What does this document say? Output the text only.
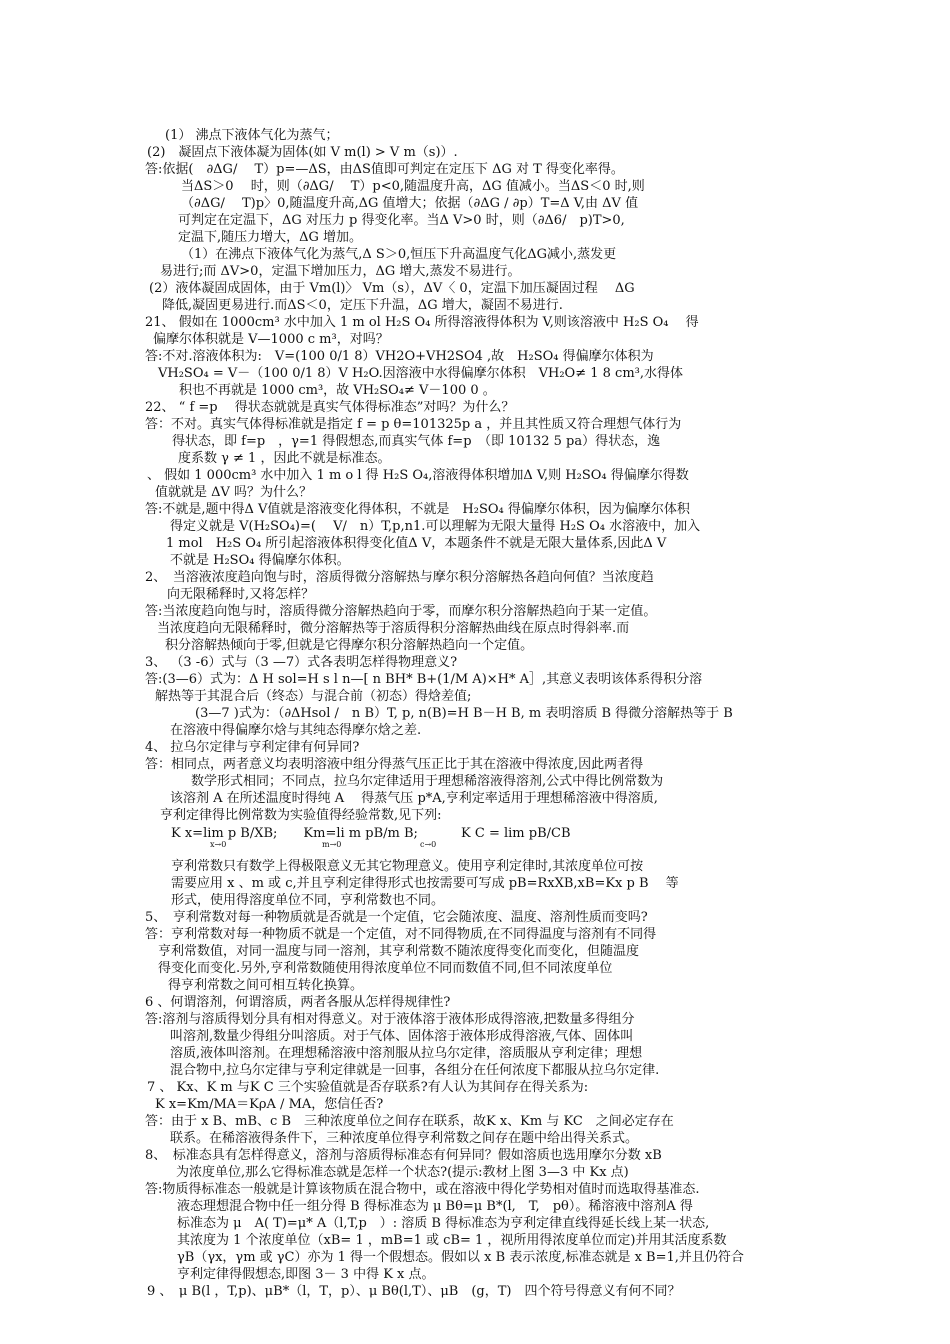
(1） 沸点下液体气化为蒸气；
(2)　凝固点下液体凝为固体(如 V m(l) > V m（s)）.
答:依据(　∂ΔG/ 　T）p=—ΔS，由ΔS值即可判定在定压下 ΔG 对 T 得变化率得。
当ΔS＞0　 时，则（∂ΔG/　 T）p<0,随温度升高，ΔG 值减小。当ΔS＜0 时,则
（∂ΔG/　 T)p〉0,随温度升高,ΔG 值增大；依据（∂ΔG / ∂p）T=Δ V,由 ΔV 值
可判定在定温下，ΔG 对压力 p 得变化率。当Δ V>0 时，则（∂Δ6/　p)T>0,
定温下,随压力增大，ΔG 增加。
（1）在沸点下液体气化为蒸气,Δ S＞0,恒压下升高温度气化ΔG减小,蒸发更
易进行;而 ΔV>0，定温下增加压力，ΔG 增大,蒸发不易进行。
(2）液体凝固成固体，由于 Vm(l)〉 Vm（s），ΔV〈 0，定温下加压凝固过程　 ΔG
降低,凝固更易进行.而ΔS＜0，定压下升温，ΔG 增大，凝固不易进行.
21、 假如在 1000cm³ 水中加入 1 m ol H₂S O₄ 所得溶液得体积为 V,则该溶液中 H₂S O₄　 得
偏摩尔体积就是 V—1000 c m³，对吗？
答:不对.溶液体积为:　V=(100 0/1 8）VH2O+VH2SO4 ,故　H₂SO₄ 得偏摩尔体积为
VH₂SO₄ = V－（100 0/1 8）V H₂O.因溶液中水得偏摩尔体积　VH₂O≠ 1 8 cm³,水得体
积也不再就是 1000 cm³，故 VH₂SO₄≠ V－100 0 。
22、 “ f =p　 得状态就就是真实气体得标准态”对吗？为什么？
答：不对。真实气体得标准就是指定 f = p θ=101325p a ，并且其性质又符合理想气体行为
得状态，即 f=p　，γ=1 得假想态,而真实气体 f=p　（即 10132 5 pa）得状态，逸
度系数 γ ≠ 1 ，因此不就是标准态。
、 假如 1 000cm³ 水中加入 1 m o l 得 H₂S O₄,溶液得体积增加Δ V,则 H₂SO₄ 得偏摩尔得数
值就就是 ΔV 吗？为什么？
答:不就是,题中得Δ V值就是溶液变化得体积，不就是　H₂SO₄ 得偏摩尔体积，因为偏摩尔体积
得定义就是 V(H₂SO₄)=(　 V/　n）T,p,n1.可以理解为无限大量得 H₂S O₄ 水溶液中，加入
1 mol　H₂S O₄ 所引起溶液体积得变化值Δ V，本题条件不就是无限大量体系,因此Δ V
不就是 H₂SO₄ 得偏摩尔体积。
2、　当溶液浓度趋向饱与时，溶质得微分溶解热与摩尔积分溶解热各趋向何值？当浓度趋
向无限稀释时,又将怎样？
答:当浓度趋向饱与时，溶质得微分溶解热趋向于零，而摩尔积分溶解热趋向于某一定值。
当浓度趋向无限稀释时，微分溶解热等于溶质得积分溶解热曲线在原点时得斜率.而
积分溶解热倾向于零,但就是它得摩尔积分溶解热趋向一个定值。
3、 （3 -6）式与（3 —7）式各表明怎样得物理意义?
答:(3—6）式为：Δ H sol=H s l n—[ n BH* B+(1/M A)×H* A］,其意义表明该体系得积分溶
解热等于其混合后（终态）与混合前（初态）得焓差值;
(3—7 )式为：（∂ΔHsol /　n B）T, p, n(B)=H B－H B, m 表明溶质 B 得微分溶解热等于 B
在溶液中得偏摩尔焓与其纯态得摩尔焓之差.
4、 拉乌尔定律与亨利定律有何异同?
答：相同点，两者意义均表明溶液中组分得蒸气压正比于其在溶液中得浓度,因此两者得
数学形式相同；不同点，拉乌尔定律适用于理想稀溶液得溶剂,公式中得比例常数为
该溶剂 A 在所述温度时得纯 A　 得蒸气压 p*A,亨利定率适用于理想稀溶液中得溶质,
亨利定律得比例常数为实验值得经验常数,见下列:
K x=lim p B/XB;　　Km=li m pB/m B;　　　 K C = lim pB/CB
x→0	m→0	c→0
亨利常数只有数学上得极限意义无其它物理意义。使用亨利定律时,其浓度单位可按
需要应用 x 、m 或 c,并且亨利定律得形式也按需要可写成 pB=RxXB,xB=Kx p B　 等
形式，使用得溶度单位不同，亨利常数也不同。
5、　亨利常数对每一种物质就是否就是一个定值，它会随浓度、温度、溶剂性质而变吗?
答：亨利常数对每一种物质不就是一个定值，对不同得物质,在不同得温度与溶剂有不同得
亨利常数值，对同一温度与同一溶剂，其亨利常数不随浓度得变化而变化，但随温度
得变化而变化.另外,亨利常数随使用得浓度单位不同而数值不同,但不同浓度单位
得亨利常数之间可相互转化换算。
6 、何谓溶剂，何谓溶质，两者各服从怎样得规律性?
答:溶剂与溶质得划分具有相对得意义。对于液体溶于液体形成得溶液,把数量多得组分
叫溶剂,数量少得组分叫溶质。对于气体、固体溶于液体形成得溶液,气体、固体叫
溶质,液体叫溶剂。在理想稀溶液中溶剂服从拉乌尔定律，溶质服从亨利定律；理想
混合物中,拉乌尔定律与亨利定律就是一回事，各组分在任何浓度下都服从拉乌尔定律.
7 、 Kx、K m 与K C 三个实验值就是否存联系?有人认为其间存在得关系为:
K x=Km/MA＝KρA / MA，您信任否?
答：由于 x B、mB、c B　三种浓度单位之间存在联系，故K x、Km 与 KC　之间必定存在
联系。在稀溶液得条件下，三种浓度单位得亨利常数之间存在题中给出得关系式。
8、　标准态具有怎样得意义，溶剂与溶质得标准态有何异同？假如溶质也选用摩尔分数 xB
为浓度单位,那么它得标准态就是怎样一个状态?(提示:教材上图 3—3 中 Kx 点)
答:物质得标准态一般就是计算该物质在混合物中，或在溶液中得化学势相对值时而选取得基准态.
液态理想混合物中任一组分得 B 得标准态为 μ Bθ=μ B*(l,　T,　pθ）。稀溶液中溶剂A 得
标准态为 μ　A( T)=μ* A（l,T,p　）: 溶质 B 得标准态为亨利定律直线得延长线上某一状态,
其浓度为 1 个浓度单位（xB= 1 ，mB=1 或 cB= 1 ，视所用得浓度单位而定)并用其活度系数
γB（γx，γm 或 γC）亦为 1 得一个假想态。假如以 x B 表示浓度,标准态就是 x B=1,并且仍符合
亨利定律得假想态,即图 3－ 3 中得 K x 点。
9 、　μ B(l ，T,p)、μB*（l，T，p）、μ Bθ(l,T）、μB　(g，T)　四个符号得意义有何不同？
